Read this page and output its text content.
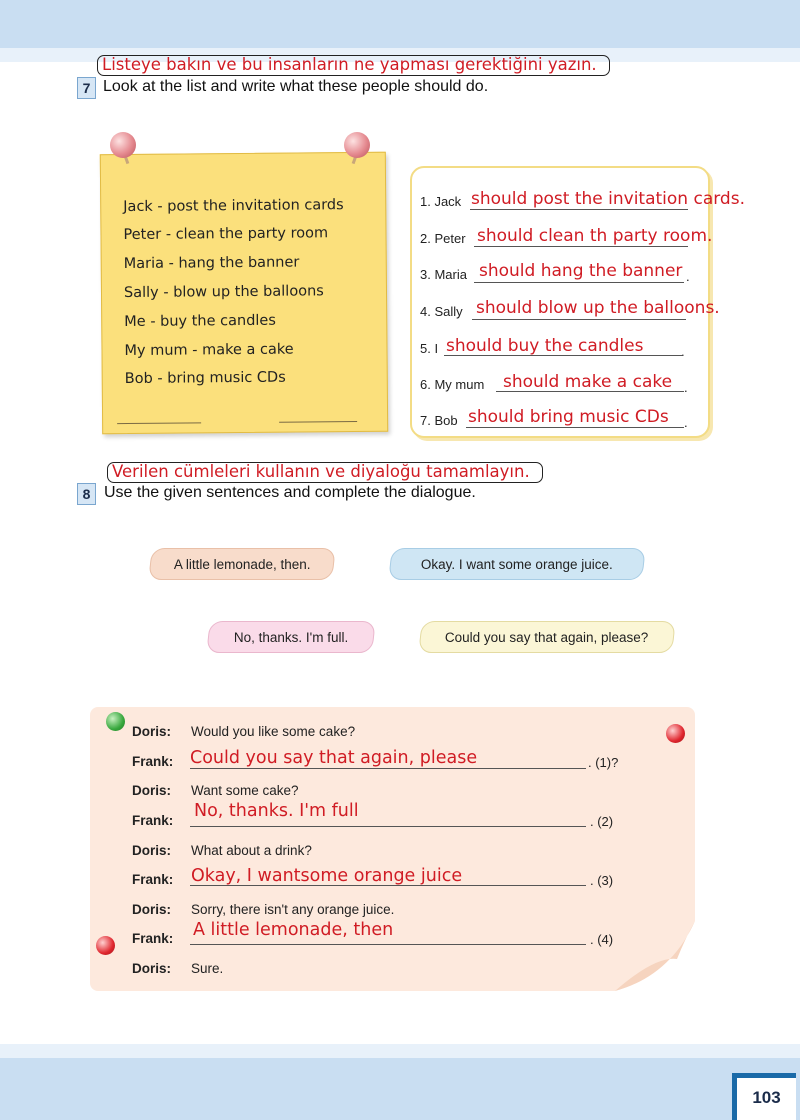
Listeye bakın ve bu insanların ne yapması gerektiğini yazın.
7 Look at the list and write what these people should do.
Jack - post the invitation cards
Peter - clean the party room
Maria - hang the banner
Sally - blow up the balloons
Me - buy the candles
My mum - make a cake
Bob - bring music CDs
1. Jack should post the invitation cards.
2. Peter should clean th party room.
3. Maria should hang the banner .
4. Sally should blow up the balloons.
5. I should buy the candles	.
6. My mum should make a cake .
7. Bob should bring music CDs .
Verilen cümleleri kullanın ve diyaloğu tamamlayın.
8 Use the given sentences and complete the dialogue.
A little lemonade, then.	Okay. I want some orange juice.
No, thanks. I'm full.	Could you say that again, please?
Doris: Would you like some cake?
Frank: Could you say that again, please	. (1)?
Doris: Want some cake?
Frank: No, thanks. I'm full
. (2)
Doris: What about a drink?
Frank: Okay, I wantsome orange juice	. (3)
Doris: Sorry, there isn't any orange juice.
Frank: A little lemonade, then	. (4)
Doris: Sure.
103
